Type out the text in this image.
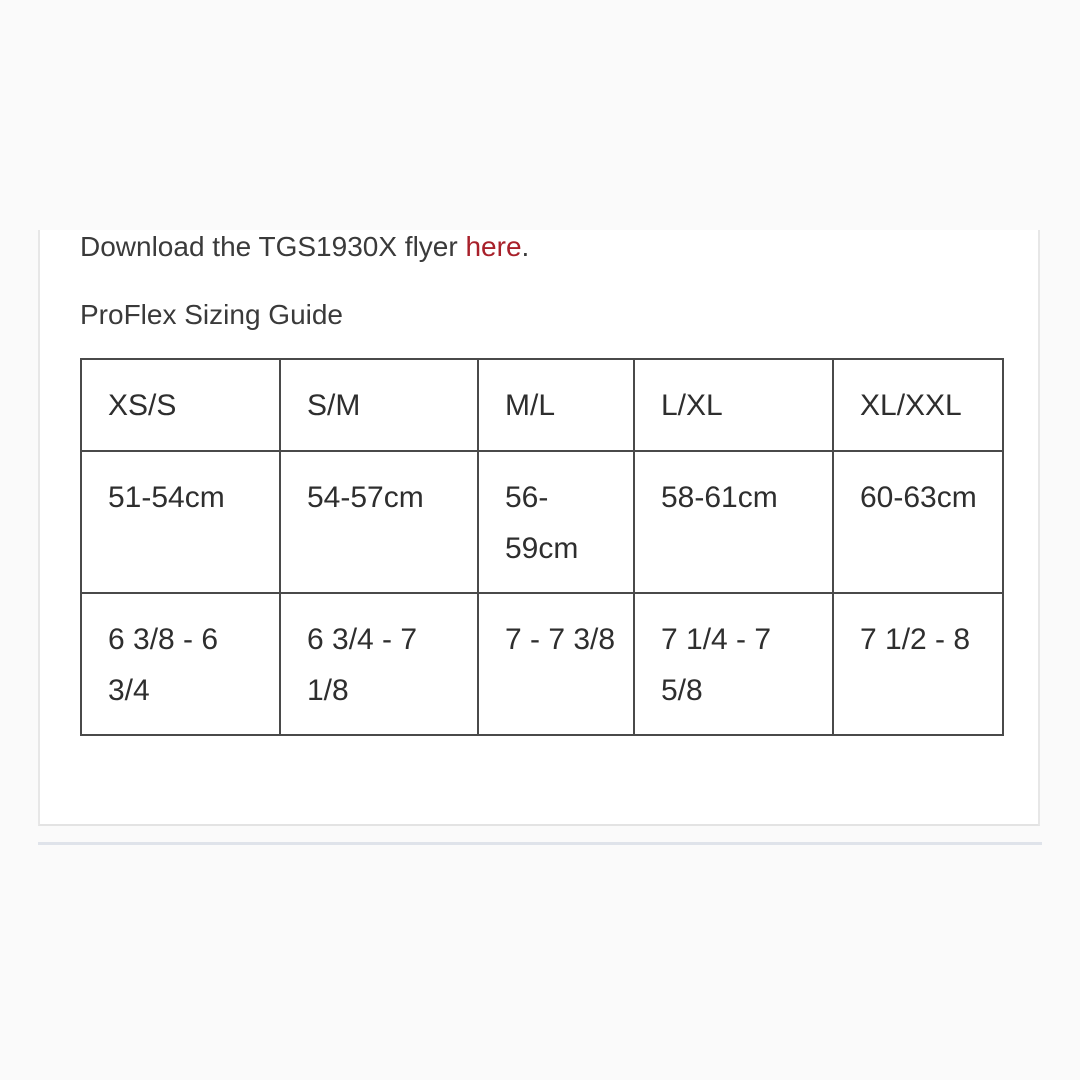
Download the TGS1930X flyer here.
ProFlex Sizing Guide
XS/S	S/M	M/L	L/XL	XL/XXL
51-54cm	54-57cm	56-59cm	58-61cm	60-63cm
6 3/8 - 6 3/4	6 3/4 - 7 1/8	7 - 7 3/8	7 1/4 - 7 5/8	7 1/2 - 8
